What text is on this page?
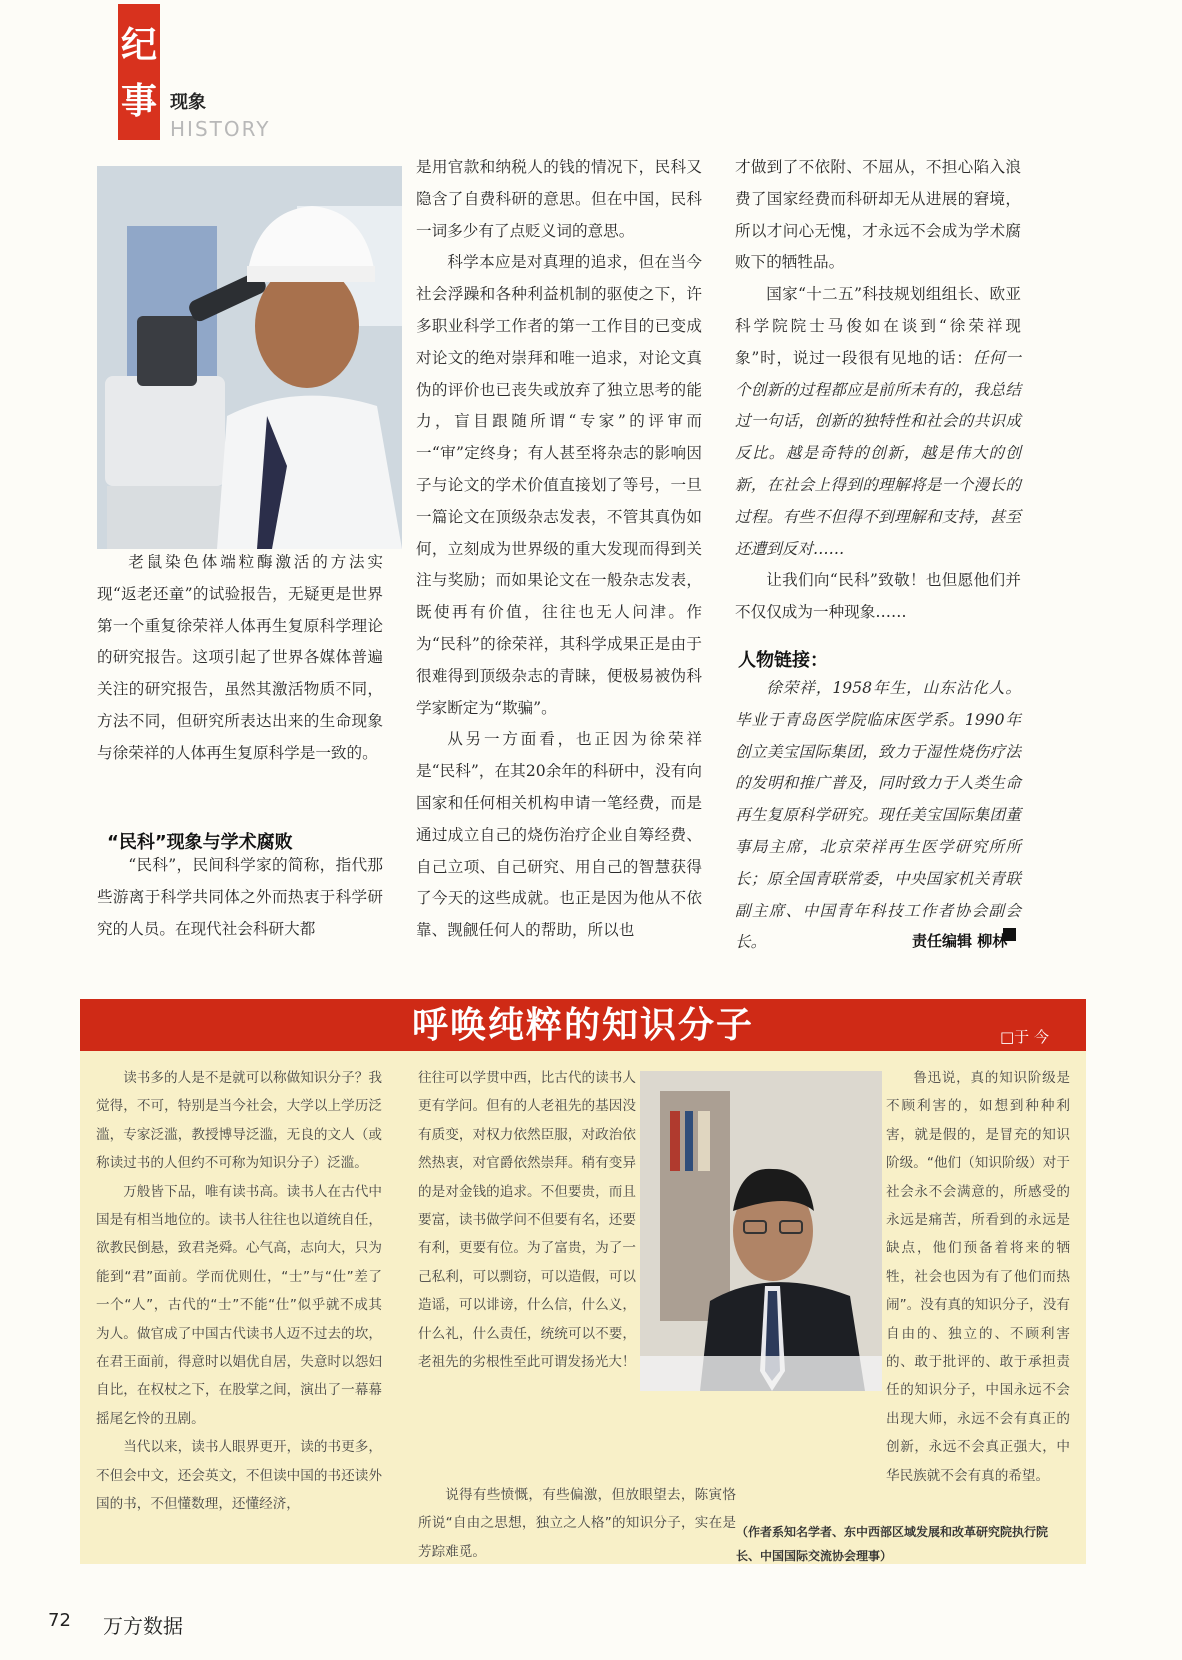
纪
事 现象
HISTORY
老鼠染色体端粒酶激活的方法实现“返老还童”的试验报告，无疑更是世界第一个重复徐荣祥人体再生复原科学理论的研究报告。这项引起了世界各媒体普遍关注的研究报告，虽然其激活物质不同，方法不同，但研究所表达出来的生命现象与徐荣祥的人体再生复原科学是一致的。
“民科”现象与学术腐败
“民科”，民间科学家的简称，指代那些游离于科学共同体之外而热衷于科学研究的人员。在现代社会科研大都

是用官款和纳税人的钱的情况下，民科又隐含了自费科研的意思。但在中国，民科一词多少有了点贬义词的意思。

科学本应是对真理的追求，但在当今社会浮躁和各种利益机制的驱使之下，许多职业科学工作者的第一工作目的已变成对论文的绝对崇拜和唯一追求，对论文真伪的评价也已丧失或放弃了独立思考的能力，盲目跟随所谓“专家”的评审而一“审”定终身；有人甚至将杂志的影响因子与论文的学术价值直接划了等号，一旦一篇论文在顶级杂志发表，不管其真伪如何，立刻成为世界级的重大发现而得到关注与奖励；而如果论文在一般杂志发表，既使再有价值，往往也无人问津。作为“民科”的徐荣祥，其科学成果正是由于很难得到顶级杂志的青睐，便极易被伪科学家断定为“欺骗”。

从另一方面看，也正因为徐荣祥是“民科”，在其20余年的科研中，没有向国家和任何相关机构申请一笔经费，而是通过成立自己的烧伤治疗企业自筹经费、自己立项、自己研究、用自己的智慧获得了今天的这些成就。也正是因为他从不依靠、觊觎任何人的帮助，所以也

才做到了不依附、不屈从，不担心陷入浪费了国家经费而科研却无从进展的窘境，所以才问心无愧，才永远不会成为学术腐败下的牺牲品。

国家“十二五”科技规划组组长、欧亚科学院院士马俊如在谈到“徐荣祥现象”时，说过一段很有见地的话：任何一个创新的过程都应是前所未有的，我总结过一句话，创新的独特性和社会的共识成反比。越是奇特的创新，越是伟大的创新，在社会上得到的理解将是一个漫长的过程。有些不但得不到理解和支持，甚至还遭到反对……

让我们向“民科”致敬！也但愿他们并不仅仅成为一种现象……

人物链接：
徐荣祥，1958年生，山东沾化人。毕业于青岛医学院临床医学系。1990年创立美宝国际集团，致力于湿性烧伤疗法的发明和推广普及，同时致力于人类生命再生复原科学研究。现任美宝国际集团董事局主席，北京荣祥再生医学研究所所长；原全国青联常委，中央国家机关青联副主席、中国青年科技工作者协会副会长。	责任编辑 柳林
呼唤纯粹的知识分子	□于 今

读书多的人是不是就可以称做知识分子？我觉得，不可，特别是当今社会，大学以上学历泛滥，专家泛滥，教授博导泛滥，无良的文人（或称读过书的人但约不可称为知识分子）泛滥。

万般皆下品，唯有读书高。读书人在古代中国是有相当地位的。读书人往往也以道统自任，欲教民倒悬，致君尧舜。心气高，志向大，只为能到“君”面前。学而优则仕，“士”与“仕”差了一个“人”，古代的“士”不能“仕”似乎就不成其为人。做官成了中国古代读书人迈不过去的坎，在君王面前，得意时以娼优自居，失意时以怨妇自比，在权杖之下，在股掌之间，演出了一幕幕摇尾乞怜的丑剧。

当代以来，读书人眼界更开，读的书更多，不但会中文，还会英文，不但读中国的书还读外国的书，不但懂数理，还懂经济，

往往可以学贯中西，比古代的读书人更有学问。但有的人老祖先的基因没有质变，对权力依然臣服，对政治依然热衷，对官爵依然崇拜。稍有变异的是对金钱的追求。不但要贵，而且要富，读书做学问不但要有名，还要有利，更要有位。为了富贵，为了一己私利，可以剽窃，可以造假，可以造谣，可以诽谤，什么信，什么义，什么礼，什么责任，统统可以不要，老祖先的劣根性至此可谓发扬光大！

说得有些愤慨，有些偏激，但放眼望去，陈寅恪所说“自由之思想，独立之人格”的知识分子，实在是芳踪难觅。

鲁迅说，真的知识阶级是不顾利害的，如想到种种利害，就是假的，是冒充的知识阶级。“他们（知识阶级）对于社会永不会满意的，所感受的永远是痛苦，所看到的永远是缺点，他们预备着将来的牺牲，社会也因为有了他们而热闹”。没有真的知识分子，没有自由的、独立的、不顾利害的、敢于批评的、敢于承担责任的知识分子，中国永远不会出现大师，永远不会有真正的创新，永远不会真正强大，中华民族就不会有真的希望。

（作者系知名学者、东中西部区域发展和改革研究院执行院长、中国国际交流协会理事）
72 万方数据
